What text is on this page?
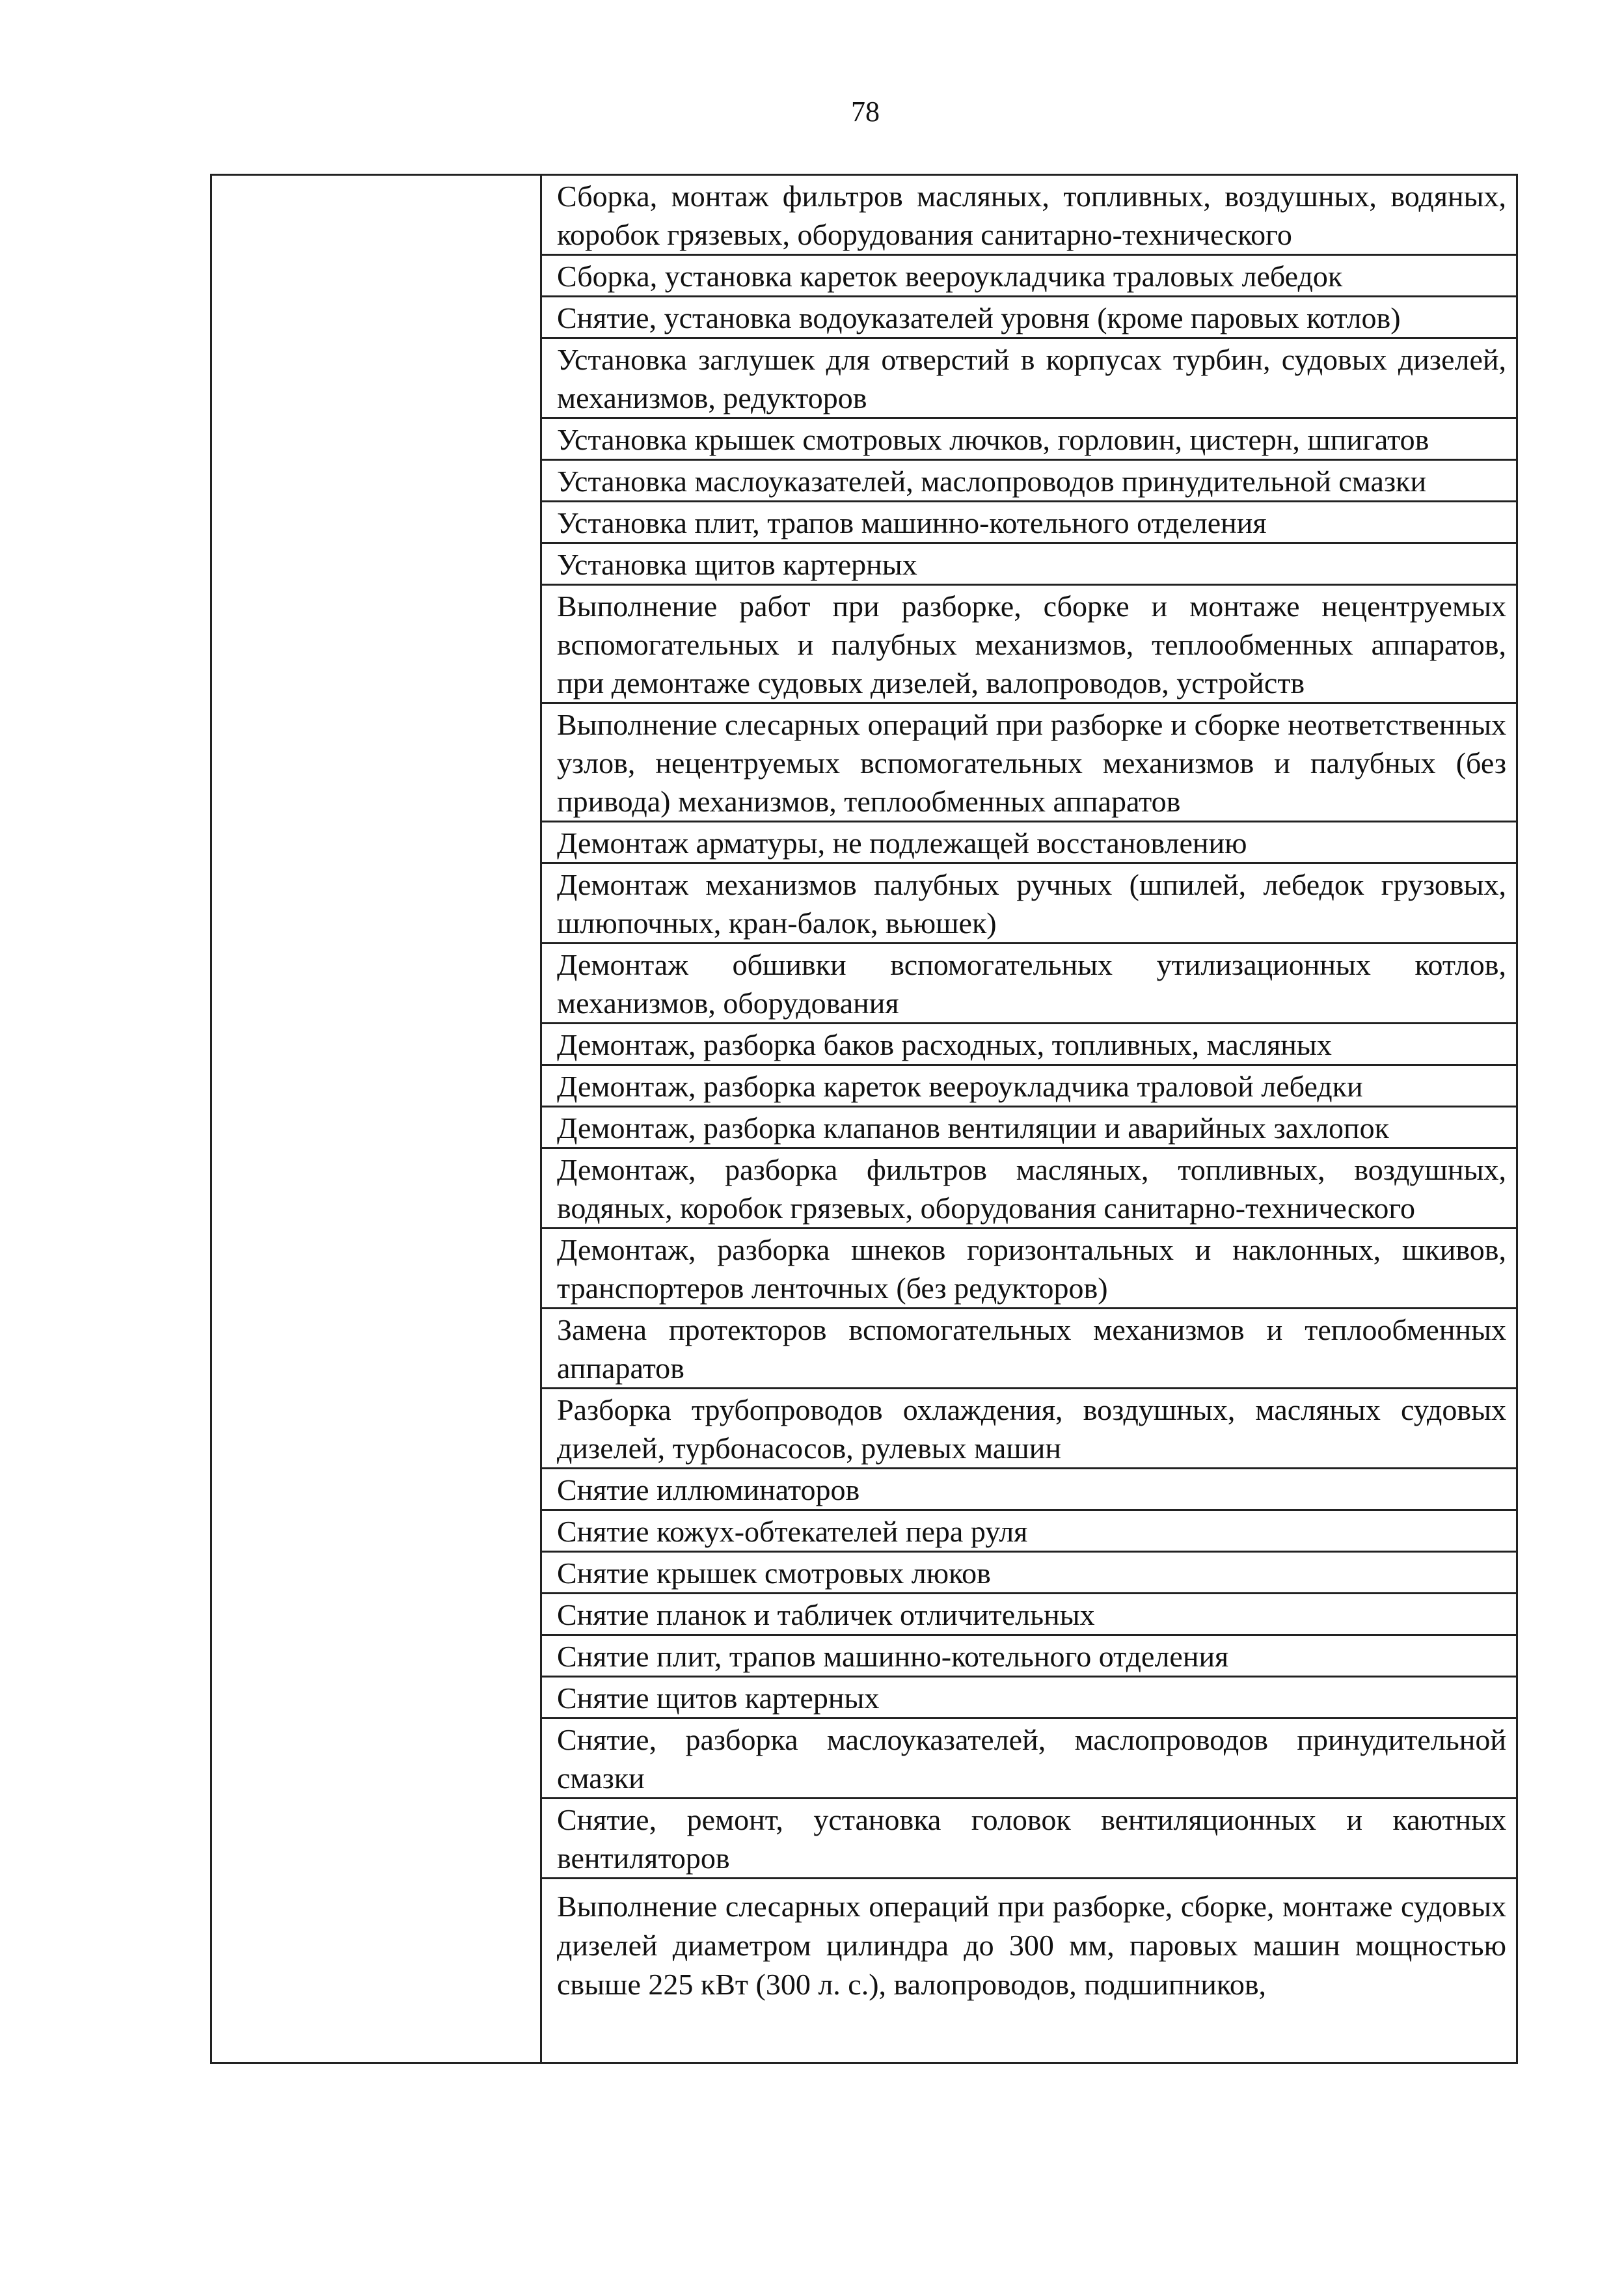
78
Сборка, монтаж фильтров масляных, топливных, воздушных, водяных, коробок грязевых, оборудования санитарно-технического
Сборка, установка кареток веероукладчика траловых лебедок
Снятие, установка водоуказателей уровня (кроме паровых котлов)
Установка заглушек для отверстий в корпусах турбин, судовых дизелей, механизмов, редукторов
Установка крышек смотровых лючков, горловин, цистерн, шпигатов
Установка маслоуказателей, маслопроводов принудительной смазки
Установка плит, трапов машинно-котельного отделения
Установка щитов картерных
Выполнение работ при разборке, сборке и монтаже нецентруемых вспомогательных и палубных механизмов, теплообменных аппаратов, при демонтаже судовых дизелей, валопроводов, устройств
Выполнение слесарных операций при разборке и сборке неответственных узлов, нецентруемых вспомогательных механизмов и палубных (без привода) механизмов, теплообменных аппаратов
Демонтаж арматуры, не подлежащей восстановлению
Демонтаж механизмов палубных ручных (шпилей, лебедок грузовых, шлюпочных, кран-балок, вьюшек)
Демонтаж обшивки вспомогательных утилизационных котлов, механизмов, оборудования
Демонтаж, разборка баков расходных, топливных, масляных
Демонтаж, разборка кареток веероукладчика траловой лебедки
Демонтаж, разборка клапанов вентиляции и аварийных захлопок
Демонтаж, разборка фильтров масляных, топливных, воздушных, водяных, коробок грязевых, оборудования санитарно-технического
Демонтаж, разборка шнеков горизонтальных и наклонных, шкивов, транспортеров ленточных (без редукторов)
Замена протекторов вспомогательных механизмов и теплообменных аппаратов
Разборка трубопроводов охлаждения, воздушных, масляных судовых дизелей, турбонасосов, рулевых машин
Снятие иллюминаторов
Снятие кожух-обтекателей пера руля
Снятие крышек смотровых люков
Снятие планок и табличек отличительных
Снятие плит, трапов машинно-котельного отделения
Снятие щитов картерных
Снятие, разборка маслоуказателей, маслопроводов принудительной смазки
Снятие, ремонт, установка головок вентиляционных и каютных вентиляторов
Выполнение слесарных операций при разборке, сборке, монтаже судовых дизелей диаметром цилиндра до 300 мм, паровых машин мощностью свыше 225 кВт (300 л. с.), валопроводов, подшипников,
